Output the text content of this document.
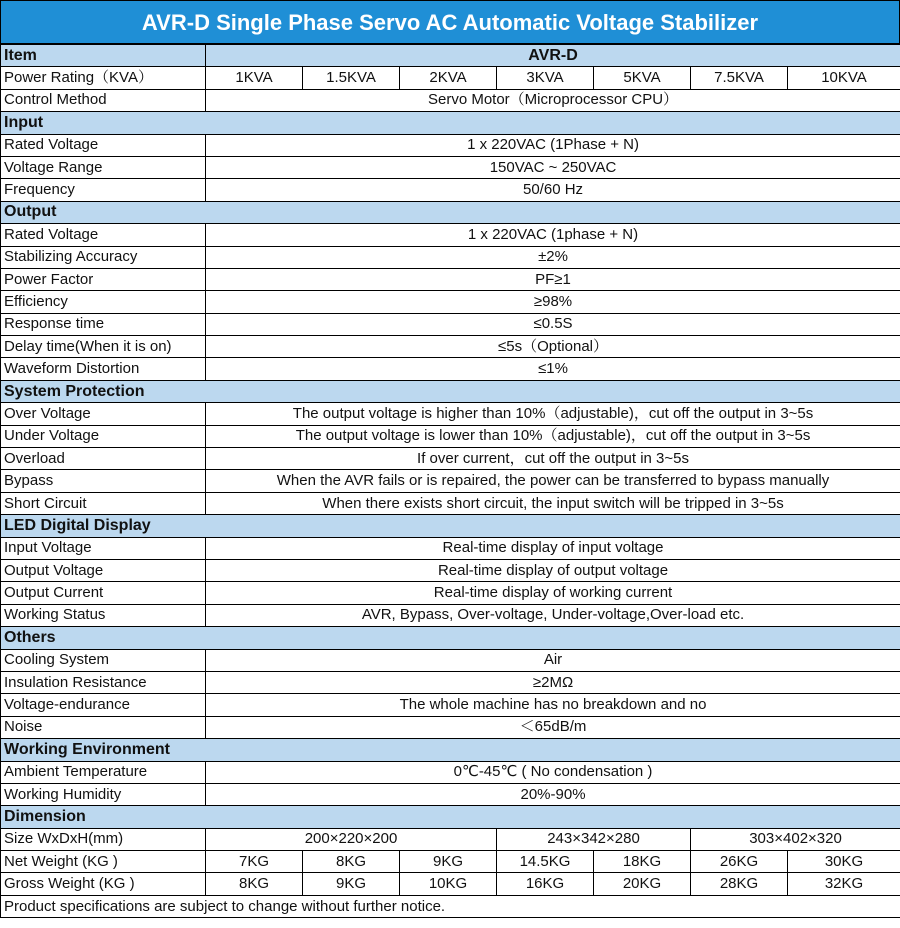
AVR-D Single Phase Servo AC Automatic Voltage Stabilizer
Item	AVR-D						
Power Rating（KVA）	1KVA	1.5KVA	2KVA	3KVA	5KVA	7.5KVA	10KVA
Control Method	Servo Motor（Microprocessor CPU）						
Input							
Rated Voltage	1 x 220VAC (1Phase + N)						
Voltage Range	150VAC ~ 250VAC						
Frequency	50/60 Hz						
Output							
Rated Voltage	1 x 220VAC (1phase + N)						
Stabilizing Accuracy	±2%						
Power Factor	PF≥1						
Efficiency	≥98%						
Response time	≤0.5S						
Delay time(When it is on)	≤5s（Optional）						
Waveform Distortion	≤1%						
System Protection							
Over Voltage	The output voltage is higher than 10%（adjustable)，cut off the output in 3~5s						
Under Voltage	The output voltage is lower than 10%（adjustable)，cut off the output in 3~5s						
Overload	If over current，cut off the output in 3~5s						
Bypass	When the AVR fails or is repaired, the power can be transferred to bypass manually						
Short Circuit	When there exists short circuit, the input switch will be tripped in 3~5s						
LED Digital Display							
Input Voltage	Real-time display of input voltage						
Output Voltage	Real-time display of output voltage						
Output Current	Real-time display of working current						
Working Status	AVR, Bypass, Over-voltage, Under-voltage,Over-load etc.						
Others							
Cooling System	Air						
Insulation Resistance	≥2MΩ						
Voltage-endurance	The whole machine has no breakdown and no						
Noise	＜65dB/m						
Working Environment							
Ambient Temperature	0℃-45℃ ( No condensation )						
Working Humidity	20%-90%						
Dimension							
Size WxDxH(mm)	200×220×200			243×342×280		303×402×320	
Net Weight (KG )	7KG	8KG	9KG	14.5KG	18KG	26KG	30KG
Gross Weight (KG )	8KG	9KG	10KG	16KG	20KG	28KG	32KG
Product specifications are subject to change without further notice.							
